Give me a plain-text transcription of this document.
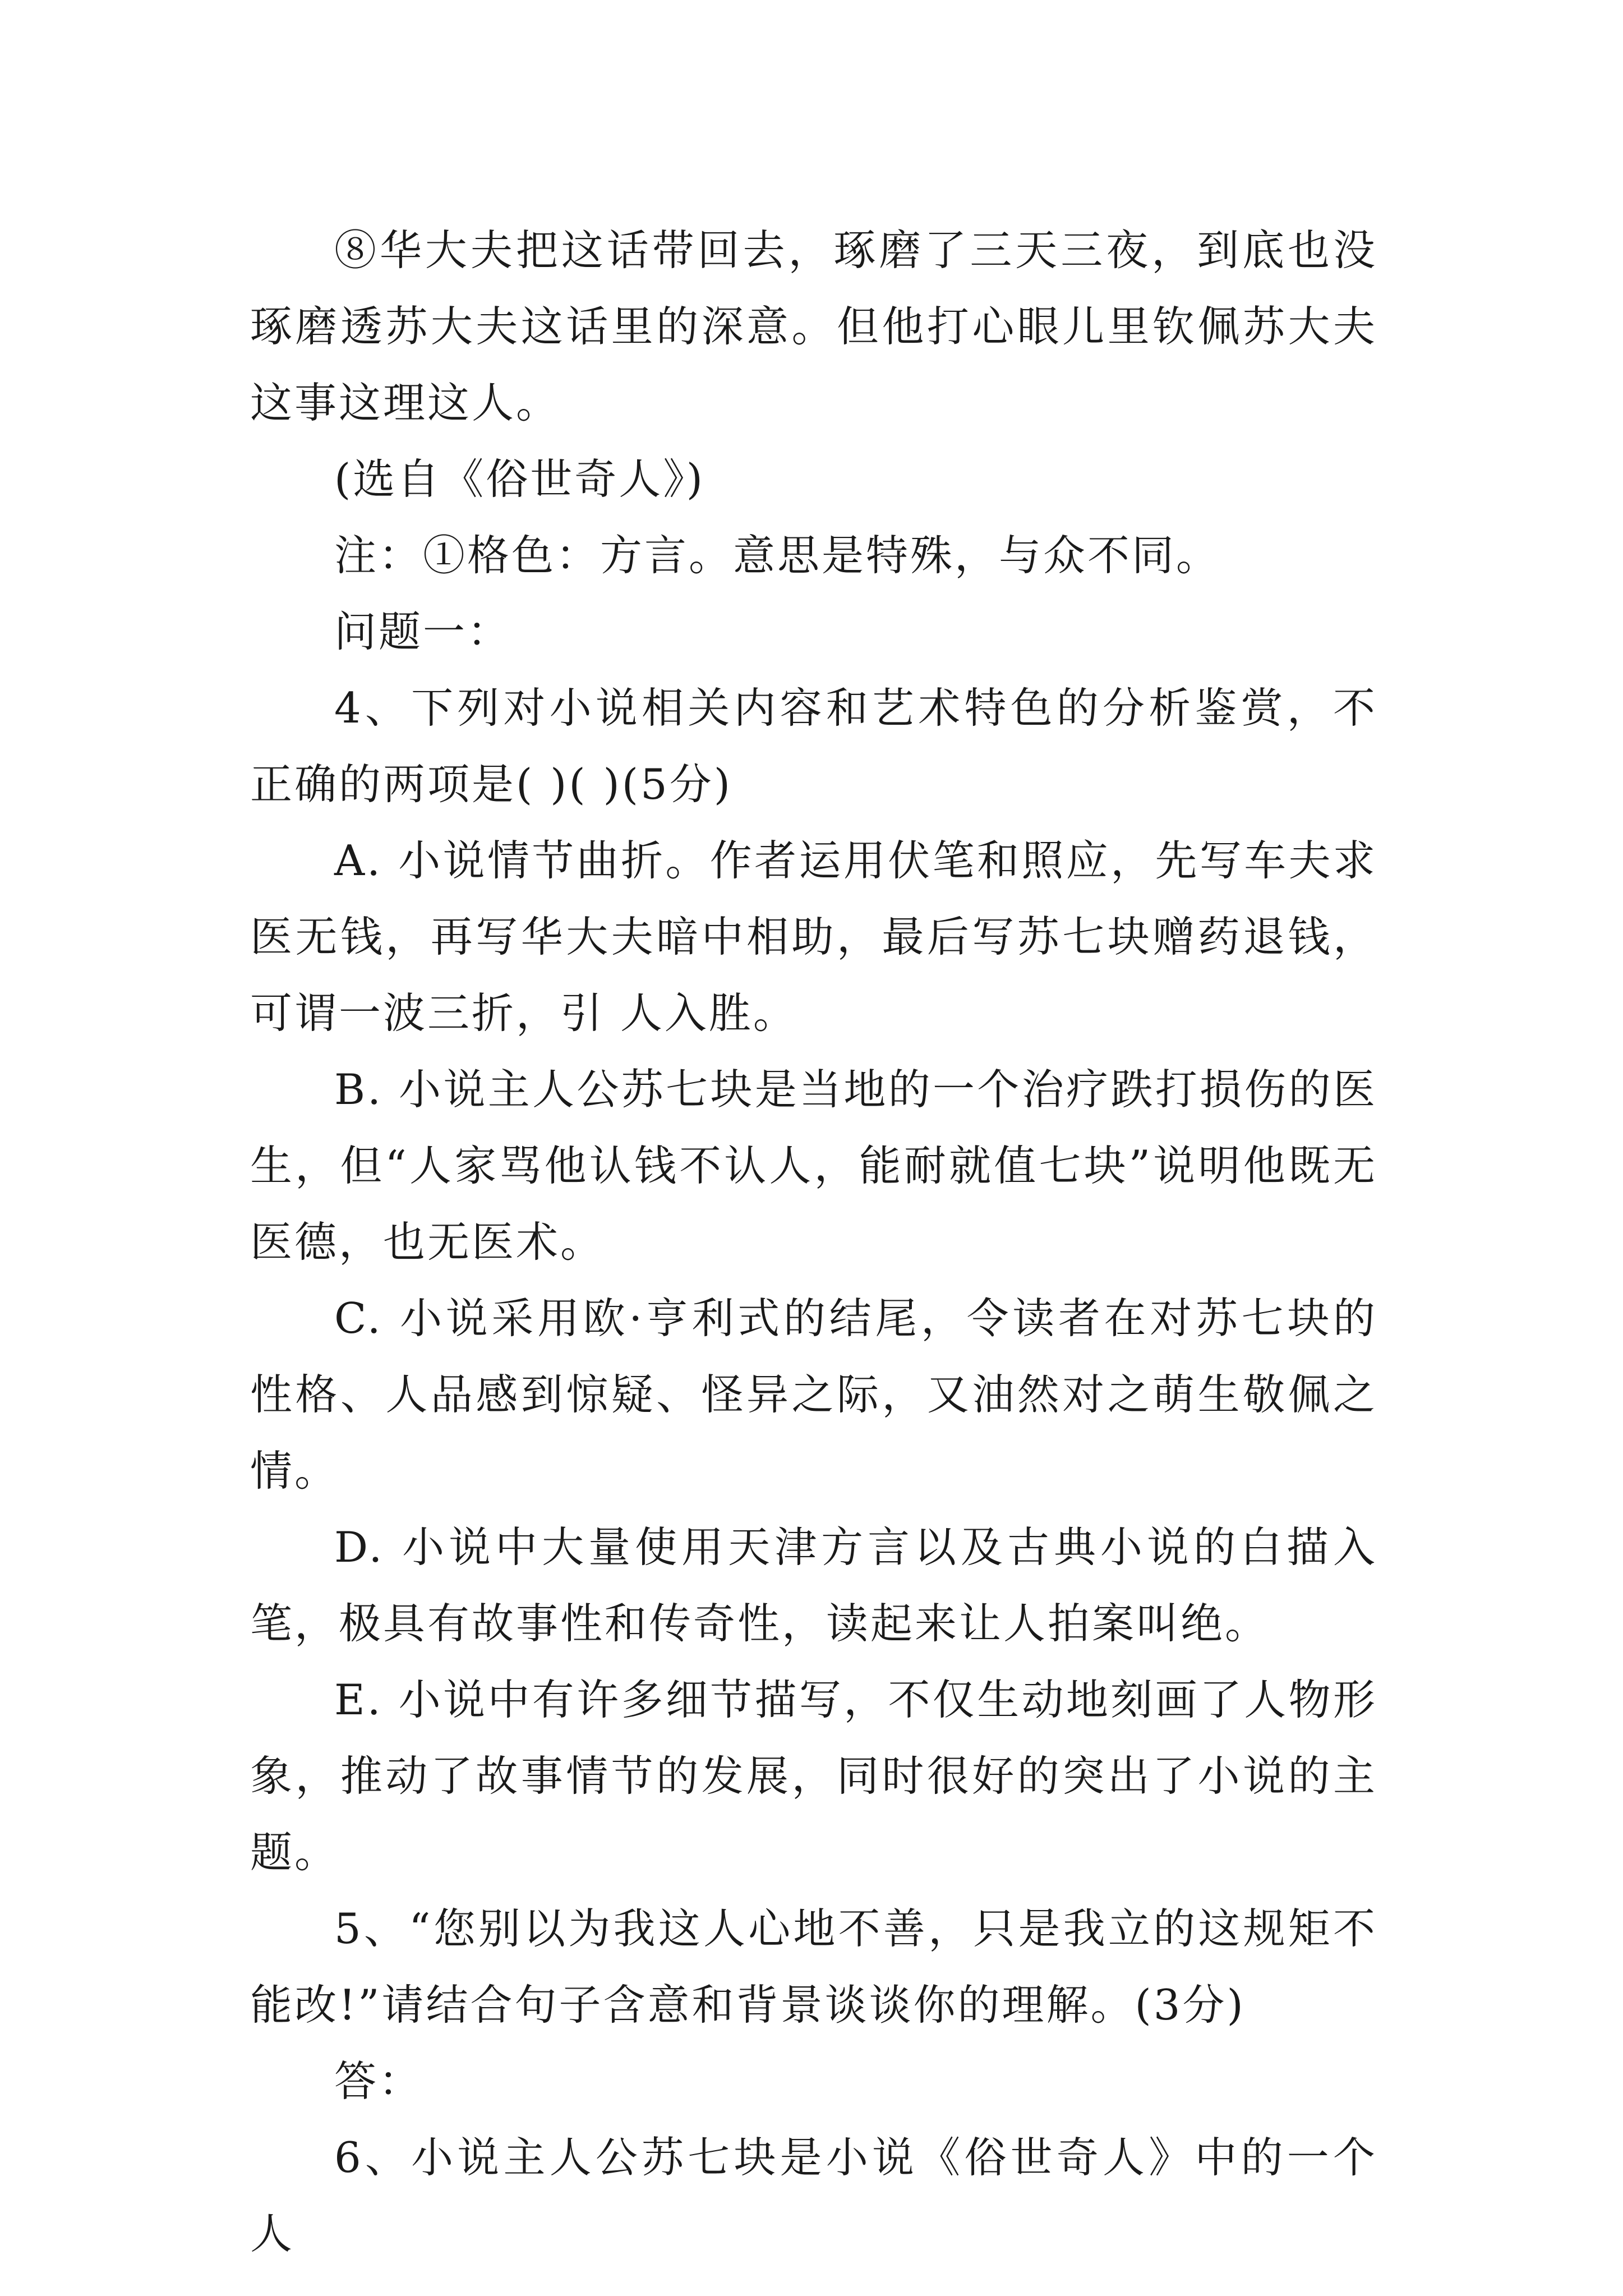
⑧华大夫把这话带回去，琢磨了三天三夜，到底也没琢磨透苏大夫这话里的深意。但他打心眼儿里钦佩苏大夫这事这理这人。

(选自《俗世奇人》)

注：①格色：方言。意思是特殊，与众不同。

问题一：

4、下列对小说相关内容和艺术特色的分析鉴赏，不正确的两项是( )( )(5分)

A. 小说情节曲折。作者运用伏笔和照应，先写车夫求医无钱，再写华大夫暗中相助，最后写苏七块赠药退钱，可谓一波三折，引 人入胜。

B. 小说主人公苏七块是当地的一个治疗跌打损伤的医生，但“人家骂他认钱不认人，能耐就值七块”说明他既无医德，也无医术。

C. 小说采用欧·亨利式的结尾，令读者在对苏七块的性格、人品感到惊疑、怪异之际，又油然对之萌生敬佩之情。

D. 小说中大量使用天津方言以及古典小说的白描入笔，极具有故事性和传奇性，读起来让人拍案叫绝。

E. 小说中有许多细节描写，不仅生动地刻画了人物形象，推动了故事情节的发展，同时很好的突出了小说的主题。

5、“您别以为我这人心地不善，只是我立的这规矩不能改!”请结合句子含意和背景谈谈你的理解。(3分)

答：

6、小说主人公苏七块是小说《俗世奇人》中的一个人
